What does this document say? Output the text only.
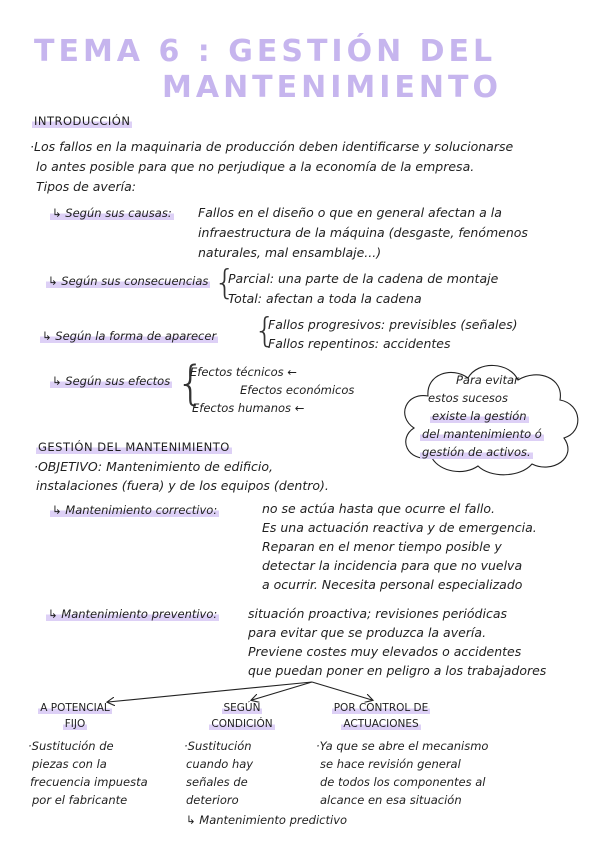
TEMA 6 : GESTIÓN DEL
MANTENIMIENTO
INTRODUCCIÓN
·Los fallos en la maquinaria de producción deben identificarse y solucionarse
lo antes posible para que no perjudique a la economía de la empresa.
Tipos de avería:
↳ Según sus causas: Fallos en el diseño o que en general afectan a la
infraestructura de la máquina (desgaste, fenómenos
naturales, mal ensamblaje...)
↳ Según sus consecuencias {
Parcial: una parte de la cadena de montaje
Total: afectan a toda la cadena
↳ Según la forma de aparecer {
Fallos progresivos: previsibles (señales)
Fallos repentinos: accidentes
↳ Según sus efectos {
Efectos técnicos ←
Efectos económicos
Efectos humanos ←
Para evitar
estos sucesos
existe la gestión
del mantenimiento ó
gestión de activos.
GESTIÓN DEL MANTENIMIENTO
·OBJETIVO: Mantenimiento de edificio,
instalaciones (fuera) y de los equipos (dentro).
↳ Mantenimiento correctivo:	no se actúa hasta que ocurre el fallo.
Es una actuación reactiva y de emergencia.
Reparan en el menor tiempo posible y
detectar la incidencia para que no vuelva
a ocurrir. Necesita personal especializado
↳ Mantenimiento preventivo: situación proactiva; revisiones periódicas
para evitar que se produzca la avería.
Previene costes muy elevados o accidentes
que puedan poner en peligro a los trabajadores
A POTENCIAL
FIJO
SEGÚN
CONDICIÓN
POR CONTROL DE
ACTUACIONES
·Sustitución de
piezas con la
frecuencia impuesta
por el fabricante
·Sustitución
cuando hay
señales de
deterioro
·Ya que se abre el mecanismo
se hace revisión general
de todos los componentes al
alcance en esa situación
↳ Mantenimiento predictivo
